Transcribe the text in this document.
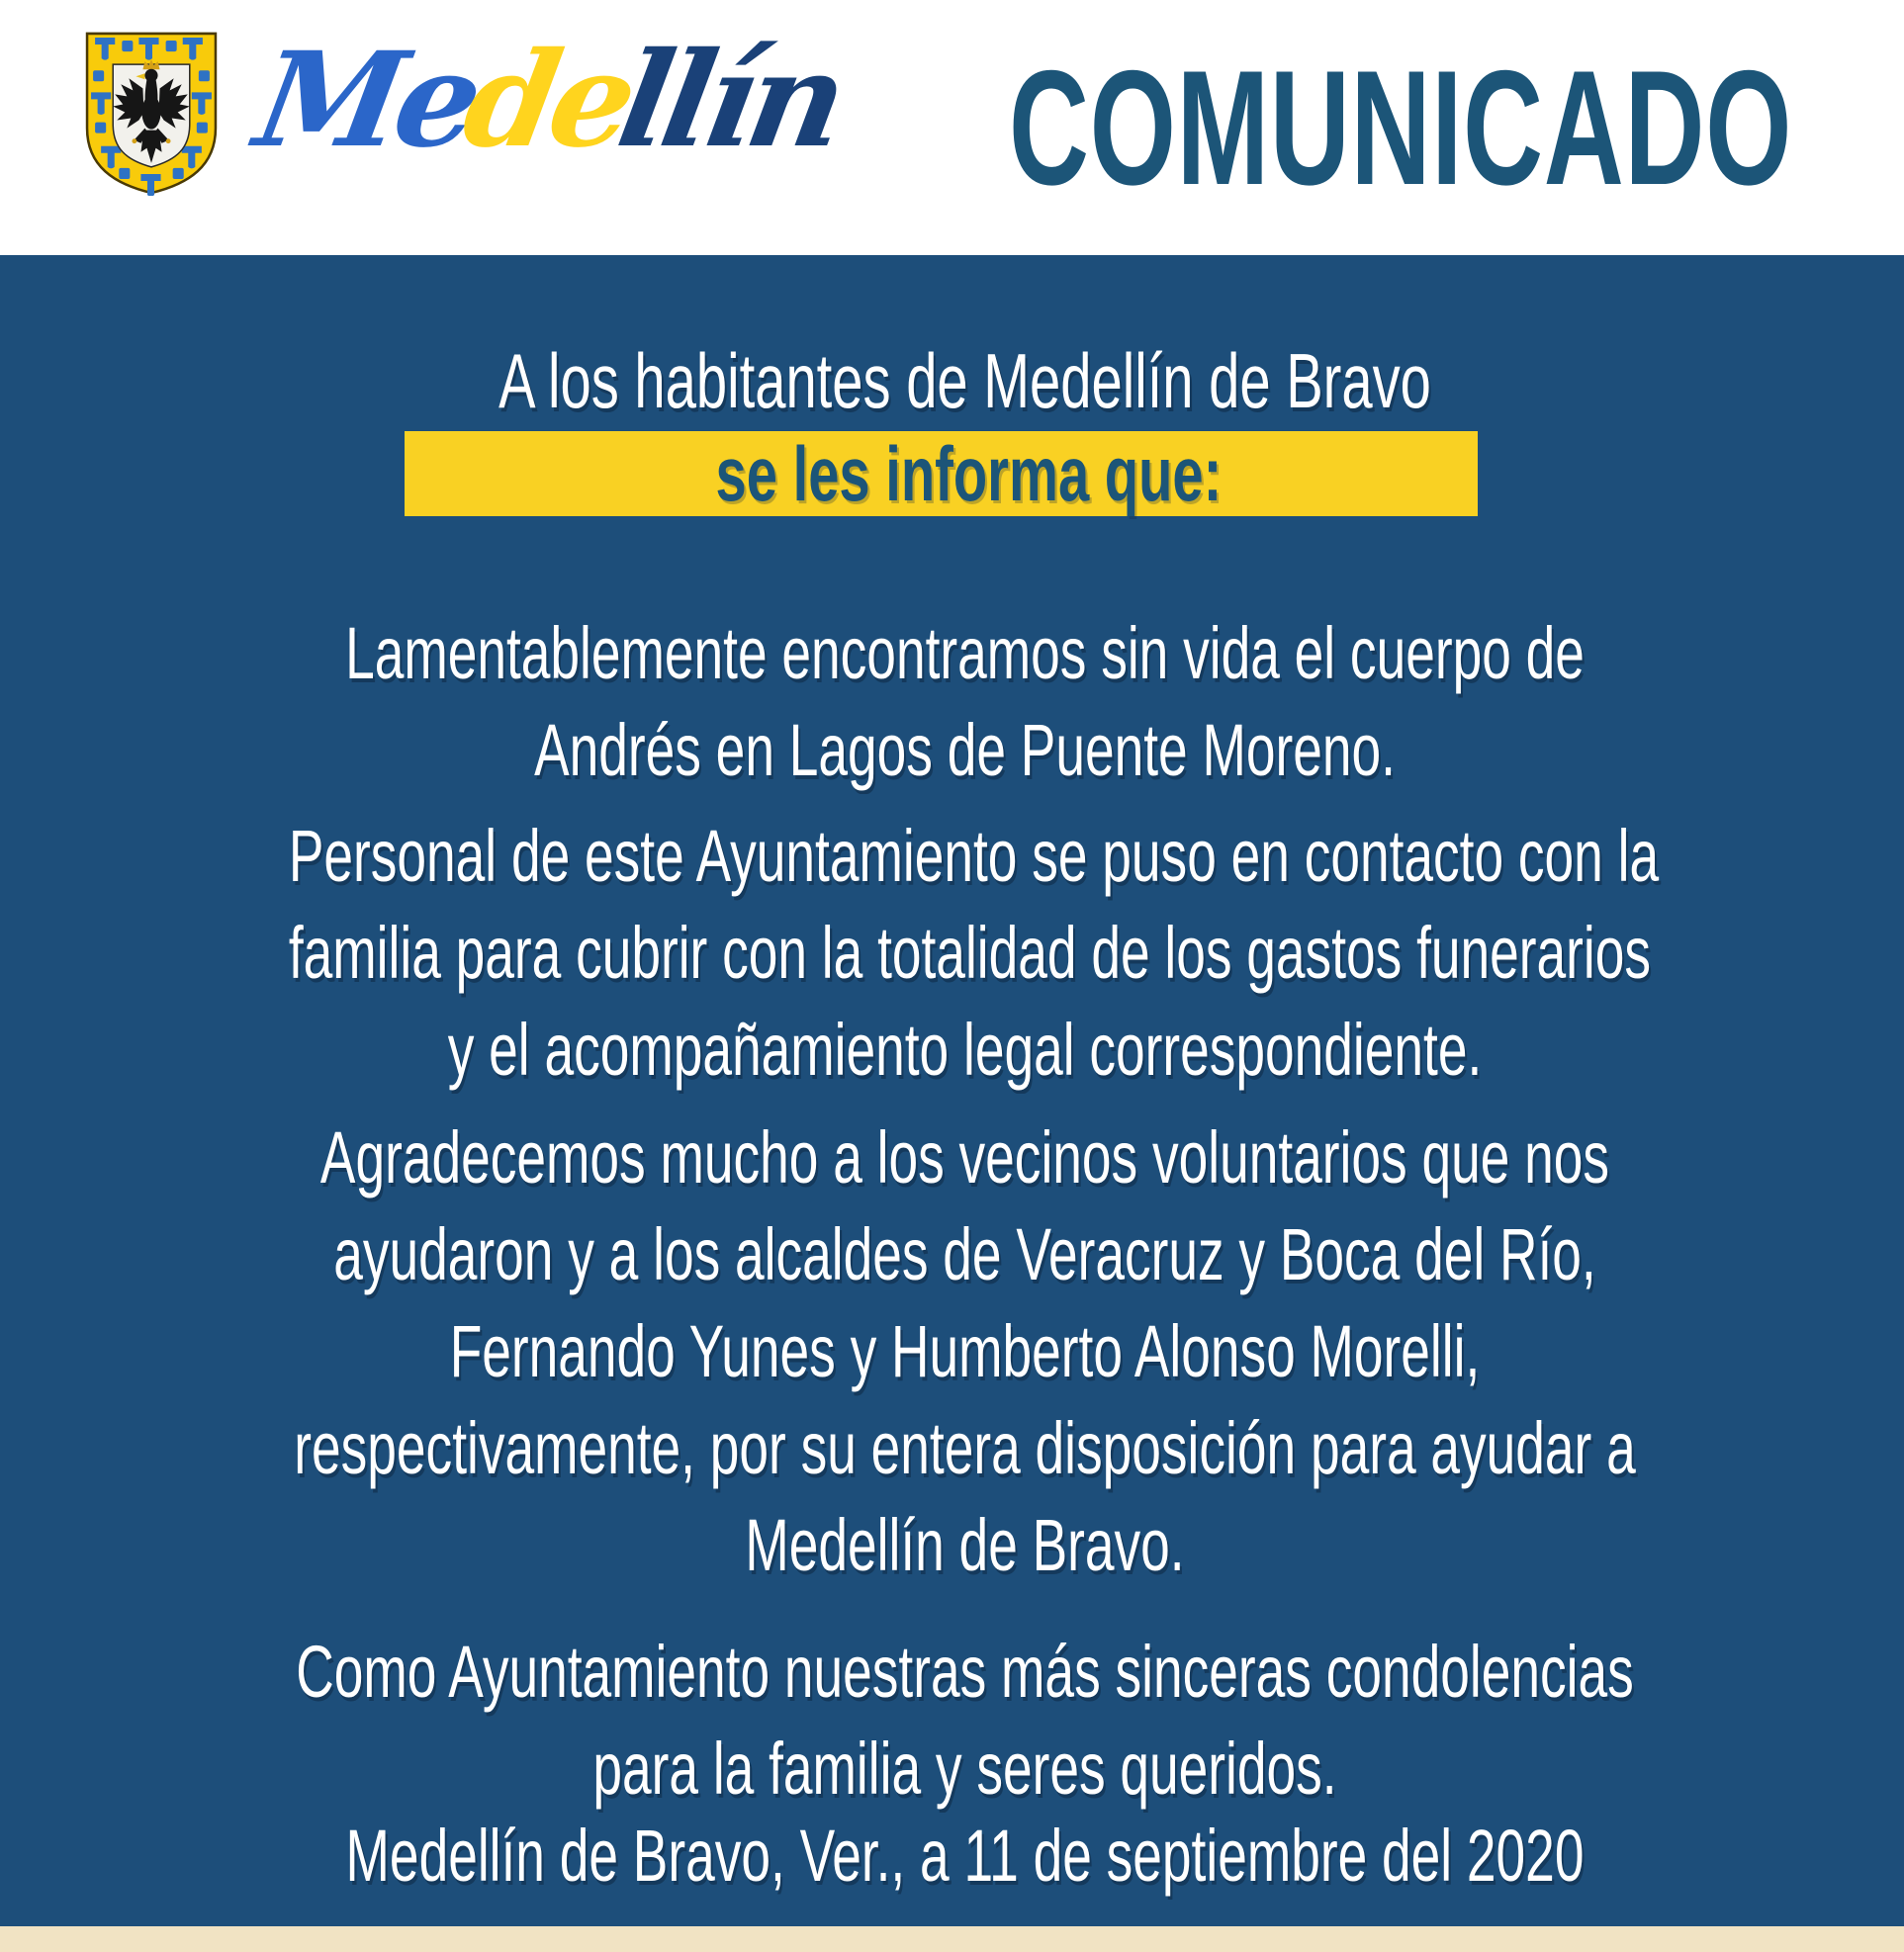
Medellín COMUNICADO
A los habitantes de Medellín de Bravo
se les informa que:
Lamentablemente encontramos sin vida el cuerpo de
Andrés en Lagos de Puente Moreno.
Personal de este Ayuntamiento se puso en contacto con la
familia para cubrir con la totalidad de los gastos funerarios
y el acompañamiento legal correspondiente.
Agradecemos mucho a los vecinos voluntarios que nos
ayudaron y a los alcaldes de Veracruz y Boca del Río,
Fernando Yunes y Humberto Alonso Morelli,
respectivamente, por su entera disposición para ayudar a
Medellín de Bravo.
Como Ayuntamiento nuestras más sinceras condolencias
para la familia y seres queridos.
Medellín de Bravo, Ver., a 11 de septiembre del 2020
